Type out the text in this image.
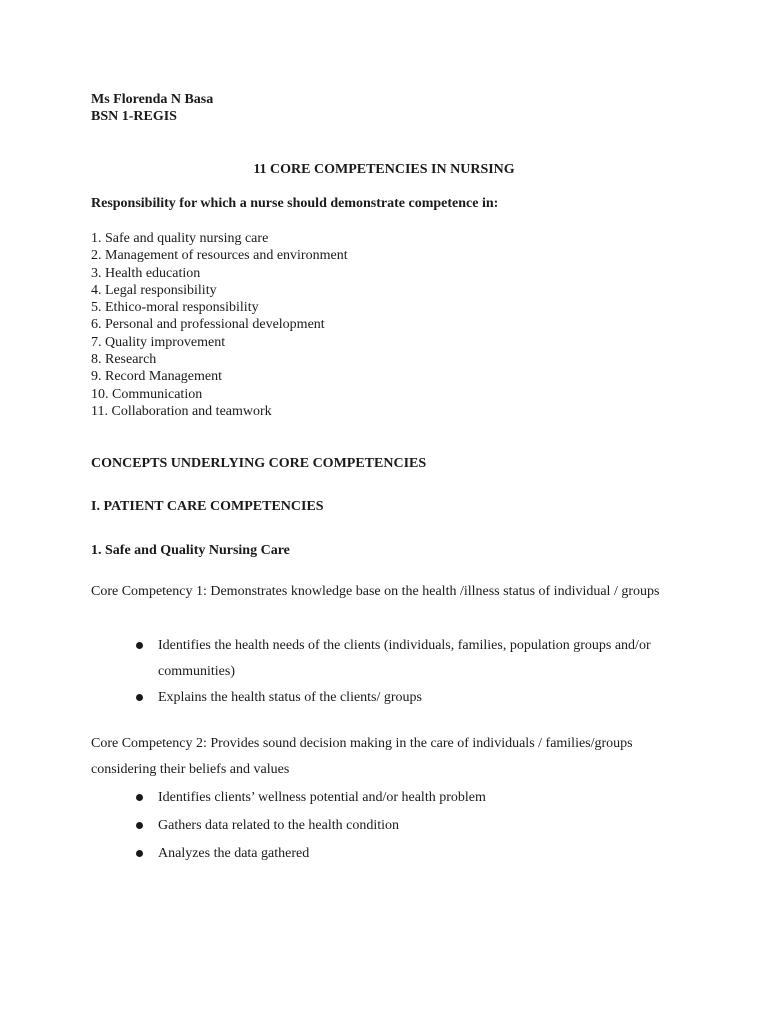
Ms Florenda N Basa
BSN 1-REGIS
11 CORE COMPETENCIES IN NURSING
Responsibility for which a nurse should demonstrate competence in:
1. Safe and quality nursing care
2. Management of resources and environment
3. Health education
4. Legal responsibility
5. Ethico-moral responsibility
6. Personal and professional development
7. Quality improvement
8. Research
9. Record Management
10. Communication
11. Collaboration and teamwork
CONCEPTS UNDERLYING CORE COMPETENCIES
I. PATIENT CARE COMPETENCIES
1. Safe and Quality Nursing Care
Core Competency 1: Demonstrates knowledge base on the health /illness status of individual / groups
Identifies the health needs of the clients (individuals, families, population groups and/or communities)
Explains the health status of the clients/ groups
Core Competency 2: Provides sound decision making in the care of individuals / families/groups considering their beliefs and values
Identifies clients’ wellness potential and/or health problem
Gathers data related to the health condition
Analyzes the data gathered
